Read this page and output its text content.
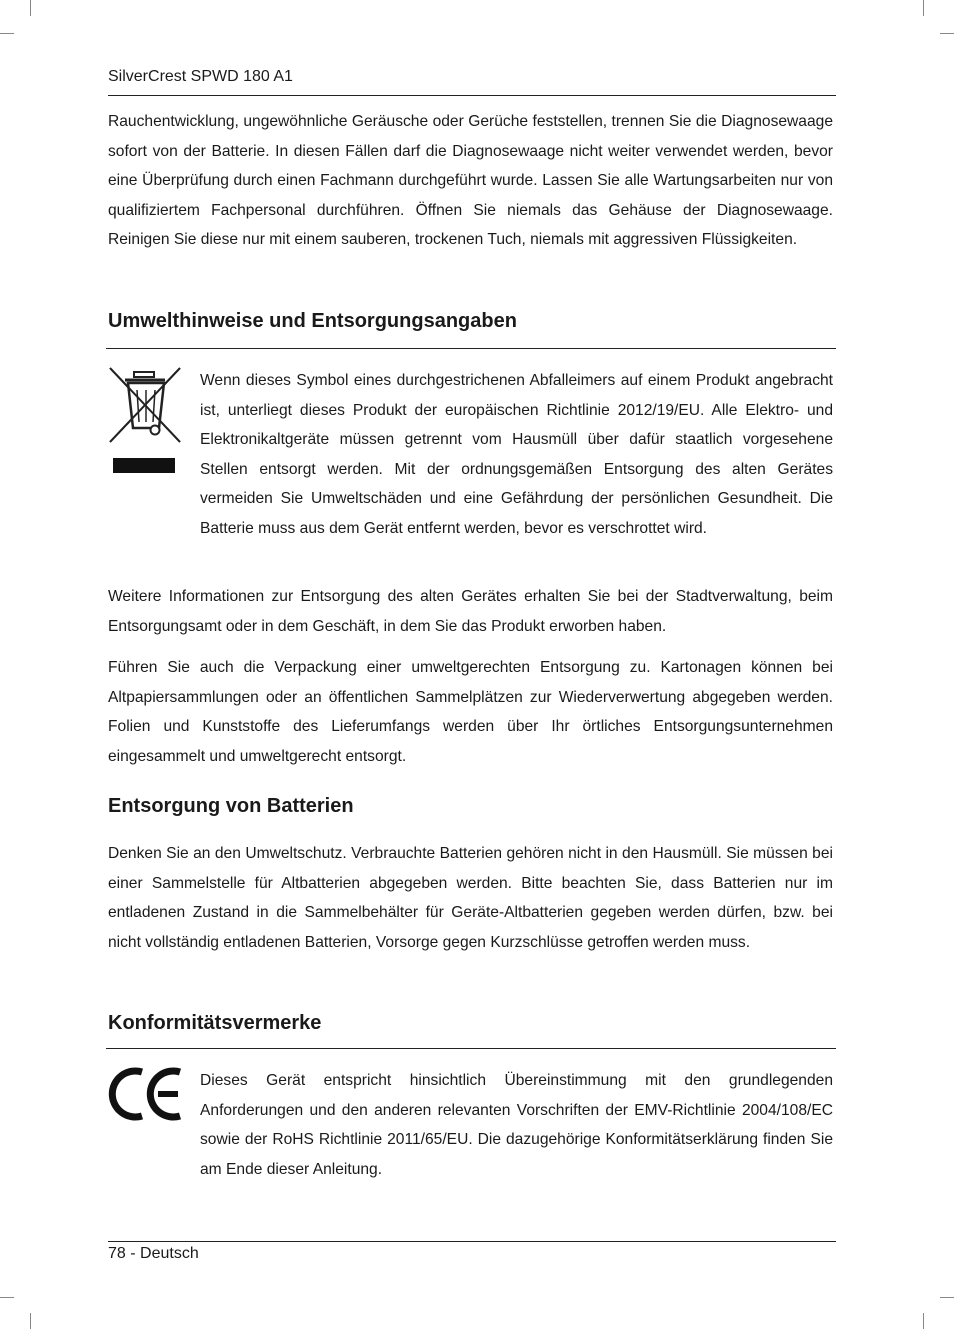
SilverCrest SPWD 180 A1

Rauchentwicklung, ungewöhnliche Geräusche oder Gerüche feststellen, trennen Sie die Diagnosewaage sofort von der Batterie. In diesen Fällen darf die Diagnosewaage nicht weiter verwendet werden, bevor eine Überprüfung durch einen Fachmann durchgeführt wurde. Lassen Sie alle Wartungsarbeiten nur von qualifiziertem Fachpersonal durchführen. Öffnen Sie niemals das Gehäuse der Diagnosewaage. Reinigen Sie diese nur mit einem sauberen, trockenen Tuch, niemals mit aggressiven Flüssigkeiten.

Umwelthinweise und Entsorgungsangaben

Wenn dieses Symbol eines durchgestrichenen Abfalleimers auf einem Produkt angebracht ist, unterliegt dieses Produkt der europäischen Richtlinie 2012/19/EU. Alle Elektro- und Elektronikaltgeräte müssen getrennt vom Hausmüll über dafür staatlich vorgesehene Stellen entsorgt werden. Mit der ordnungsgemäßen Entsorgung des alten Gerätes vermeiden Sie Umweltschäden und eine Gefährdung der persönlichen Gesundheit. Die Batterie muss aus dem Gerät entfernt werden, bevor es verschrottet wird.

Weitere Informationen zur Entsorgung des alten Gerätes erhalten Sie bei der Stadtverwaltung, beim Entsorgungsamt oder in dem Geschäft, in dem Sie das Produkt erworben haben.

Führen Sie auch die Verpackung einer umweltgerechten Entsorgung zu. Kartonagen können bei Altpapiersammlungen oder an öffentlichen Sammelplätzen zur Wiederverwertung abgegeben werden. Folien und Kunststoffe des Lieferumfangs werden über Ihr örtliches Entsorgungsunternehmen eingesammelt und umweltgerecht entsorgt.

Entsorgung von Batterien

Denken Sie an den Umweltschutz. Verbrauchte Batterien gehören nicht in den Hausmüll. Sie müssen bei einer Sammelstelle für Altbatterien abgegeben werden. Bitte beachten Sie, dass Batterien nur im entladenen Zustand in die Sammelbehälter für Geräte-Altbatterien gegeben werden dürfen, bzw. bei nicht vollständig entladenen Batterien, Vorsorge gegen Kurzschlüsse getroffen werden muss.

Konformitätsvermerke

Dieses Gerät entspricht hinsichtlich Übereinstimmung mit den grundlegenden Anforderungen und den anderen relevanten Vorschriften der EMV-Richtlinie 2004/108/EC sowie der RoHS Richtlinie 2011/65/EU. Die dazugehörige Konformitätserklärung finden Sie am Ende dieser Anleitung.

78 - Deutsch
